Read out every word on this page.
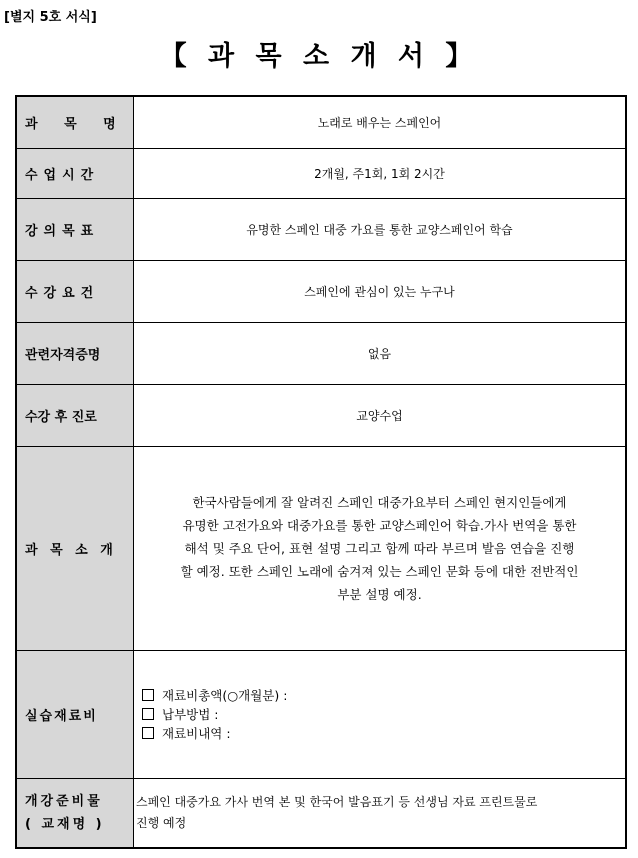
[별지 5호 서식]
【 과 목 소 개 서 】
과 목 명	노래로 배우는 스페인어
수업시간	2개월, 주1회, 1회 2시간
강의목표	유명한 스페인 대중 가요를 통한 교양스페인어 학습
수강요건	스페인에 관심이 있는 누구나
관련자격증명	없음
수강 후 진로	교양수업
과 목 소 개	한국사람들에게 잘 알려진 스페인 대중가요부터 스페인 현지인들에게
유명한 고전가요와 대중가요를 통한 교양스페인어 학습.가사 번역을 통한
해석 및 주요 단어, 표현 설명 그리고 함께 따라 부르며 발음 연습을 진행
할 예정. 또한 스페인 노래에 숨겨져 있는 스페인 문화 등에 대한 전반적인
부분 설명 예정.

실습재료비	재료비총액(○개월분) :
납부방법 :
재료비내역 :

개강준비물
( 교재명 )	스페인 대중가요 가사 번역 본 및 한국어 발음표기 등 선생님 자료 프린트물로
진행 예정
